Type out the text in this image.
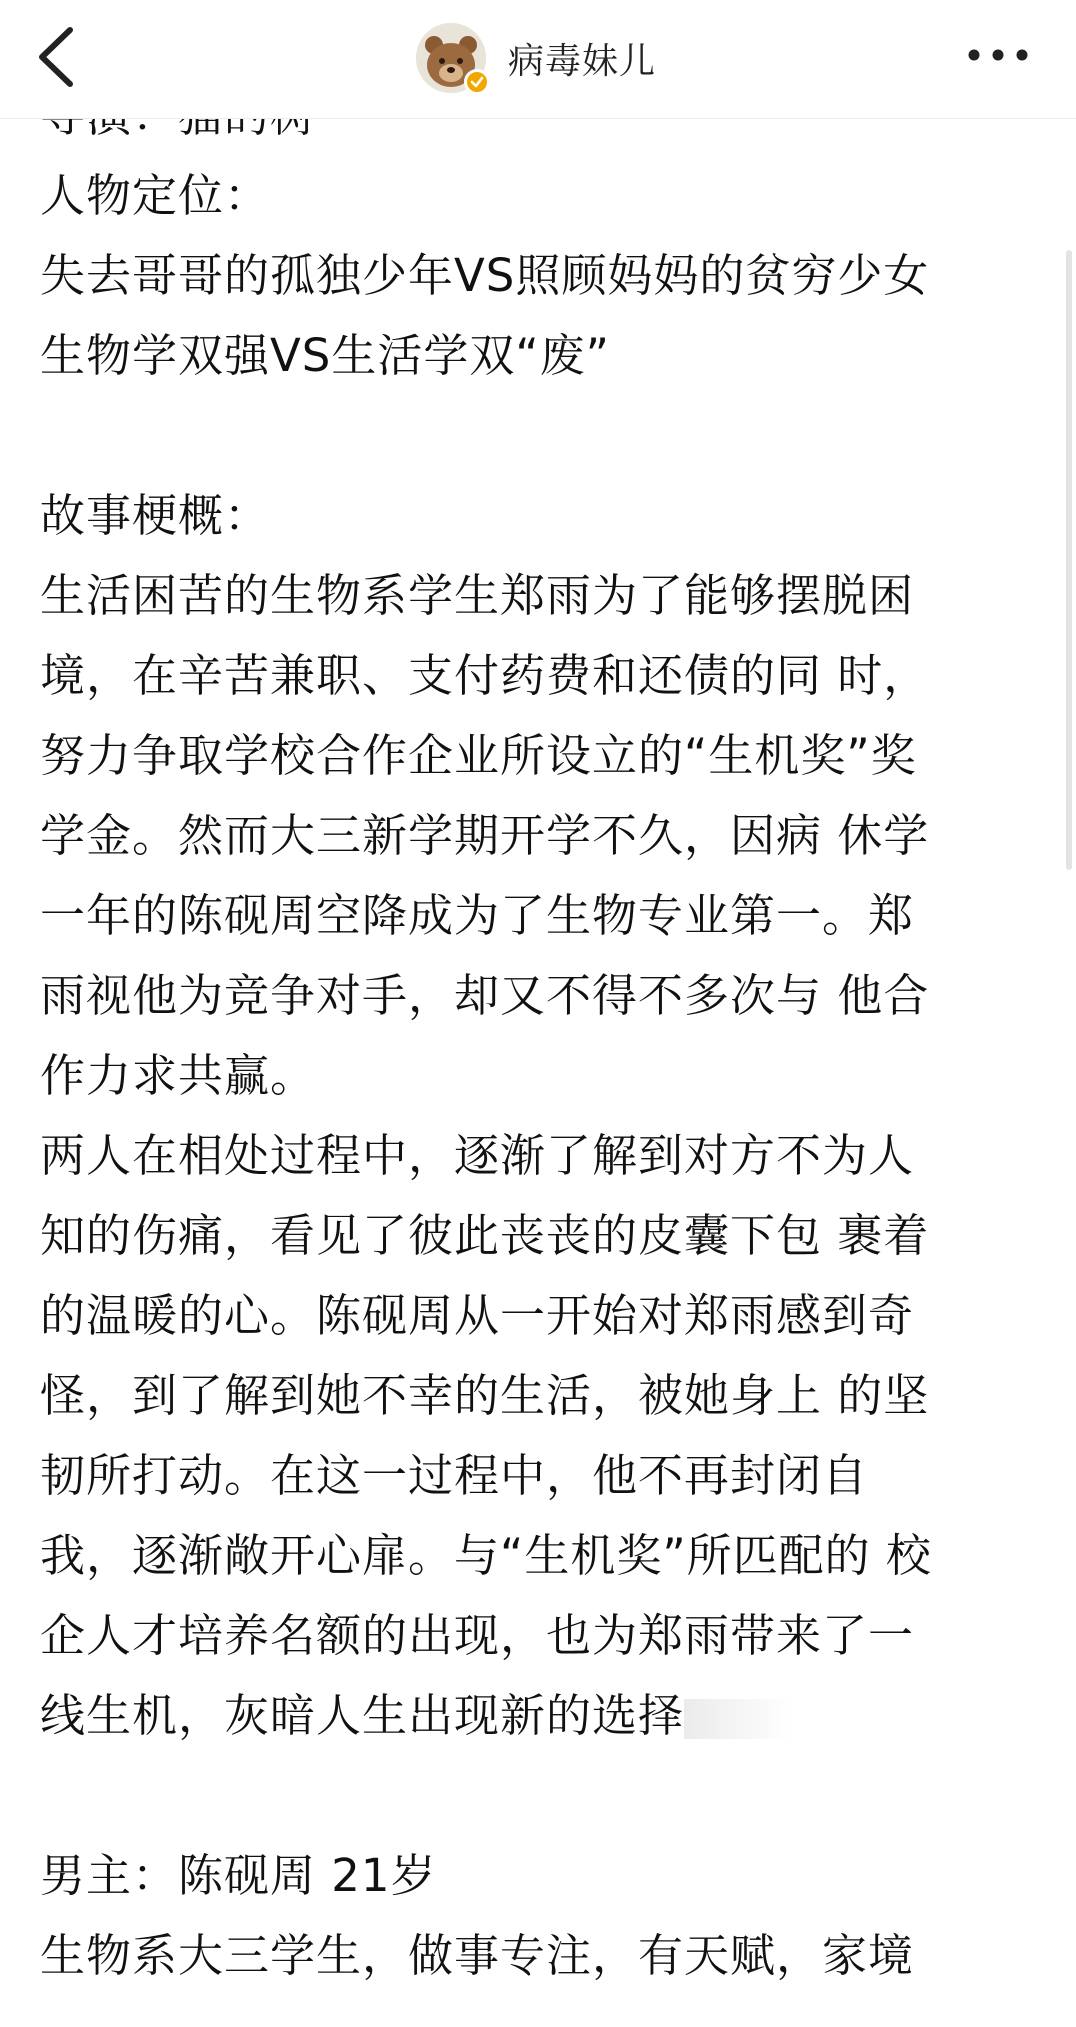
病毒妹儿

人物定位：

失去哥哥的孤独少年VS照顾妈妈的贫穷少女

生物学双强VS生活学双“废”

故事梗概：

生活困苦的生物系学生郑雨为了能够摆脱困

境，在辛苦兼职、支付药费和还债的同 时，

努力争取学校合作企业所设立的“生机奖”奖

学金。然而大三新学期开学不久，因病 休学

一年的陈砚周空降成为了生物专业第一。郑

雨视他为竞争对手，却又不得不多次与 他合

作力求共赢。

两人在相处过程中，逐渐了解到对方不为人

知的伤痛，看见了彼此丧丧的皮囊下包 裹着

的温暖的心。陈砚周从一开始对郑雨感到奇

怪，到了解到她不幸的生活，被她身上 的坚

韧所打动。在这一过程中，他不再封闭自

我，逐渐敞开心扉。与“生机奖”所匹配的 校

企人才培养名额的出现，也为郑雨带来了一

线生机，灰暗人生出现新的选择

男主：陈砚周 21岁

生物系大三学生，做事专注，有天赋，家境
